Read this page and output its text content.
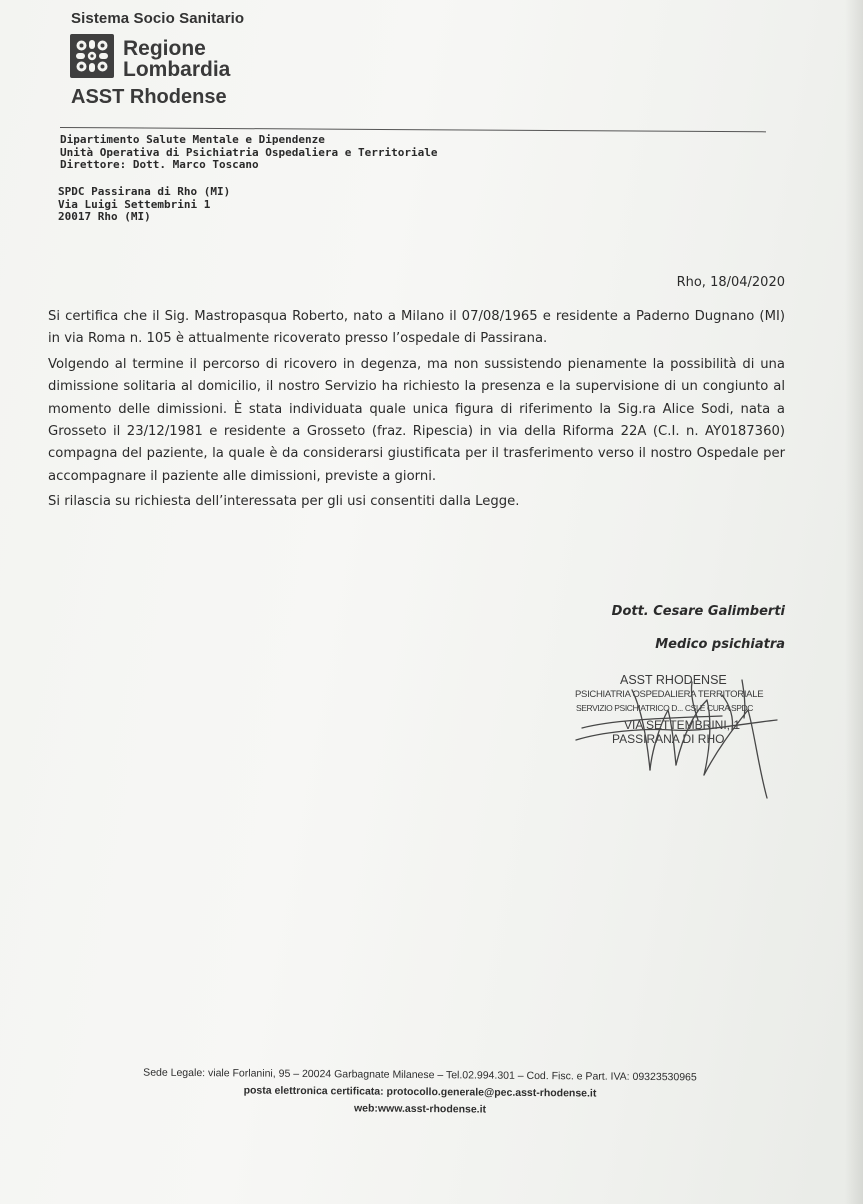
Sistema Socio Sanitario
Regione
Lombardia
ASST Rhodense
Dipartimento Salute Mentale e Dipendenze
Unità Operativa di Psichiatria Ospedaliera e Territoriale
Direttore: Dott. Marco Toscano
SPDC Passirana di Rho (MI)
Via Luigi Settembrini 1
20017 Rho (MI)
Rho, 18/04/2020

Si certifica che il Sig. Mastropasqua Roberto, nato a Milano il 07/08/1965 e residente a Paderno Dugnano (MI) in via Roma n. 105 è attualmente ricoverato presso l’ospedale di Passirana.

Volgendo al termine il percorso di ricovero in degenza, ma non sussistendo pienamente la possibilità di una dimissione solitaria al domicilio, il nostro Servizio ha richiesto la presenza e la supervisione di un congiunto al momento delle dimissioni. È stata individuata quale unica figura di riferimento la Sig.ra Alice Sodi, nata a Grosseto il 23/12/1981 e residente a Grosseto (fraz. Ripescia) in via della Riforma 22A (C.I. n. AY0187360) compagna del paziente, la quale è da considerarsi giustificata per il trasferimento verso il nostro Ospedale per accompagnare il paziente alle dimissioni, previste a giorni.

Si rilascia su richiesta dell’interessata per gli usi consentiti dalla Legge.

Dott. Cesare Galimberti
Medico psichiatra
ASST RHODENSE
PSICHIATRIA OSPEDALIERA TERRITORIALE
SERVIZIO PSICHIATRICO D... CSI E CURA SPDC
VIA SETTEMBRINI, 1
PASSIRANA DI RHO
Sede Legale: viale Forlanini, 95 – 20024 Garbagnate Milanese – Tel.02.994.301 – Cod. Fisc. e Part. IVA: 09323530965
posta elettronica certificata: protocollo.generale@pec.asst-rhodense.it
web:www.asst-rhodense.it
